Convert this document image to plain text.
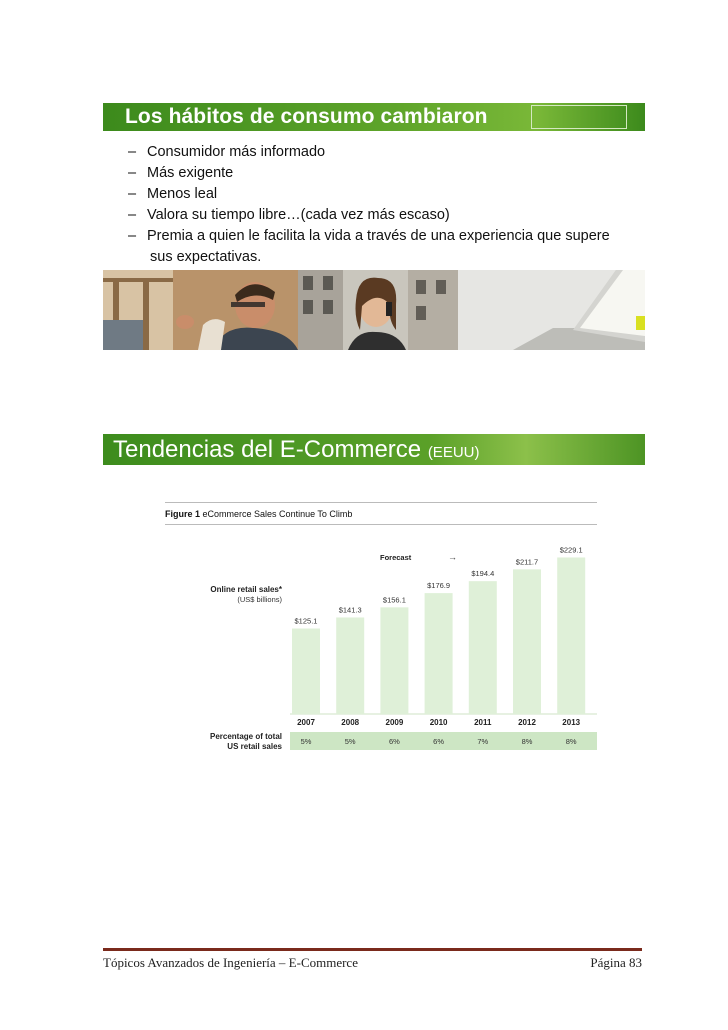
Los hábitos de consumo cambiaron
– Consumidor más informado
– Más exigente
– Menos leal
– Valora su tiempo libre…(cada vez más escaso)
– Premia a quien le facilita la vida a través de una experiencia que supere
sus expectativas.
Tendencias del E-Commerce (EEUU)
Figure 1 eCommerce Sales Continue To Climb
Online retail sales*
(US$ billions)
Forecast	→
Percentage of total
US retail sales
$125.1
2007
5%
$141.3
2008
5%
$156.1
2009
6%
$176.9
2010
6%
$194.4
2011
7%
$211.7
2012
8%
$229.1
2013
8%
Tópicos Avanzados de Ingeniería – E-Commerce	Página 83
